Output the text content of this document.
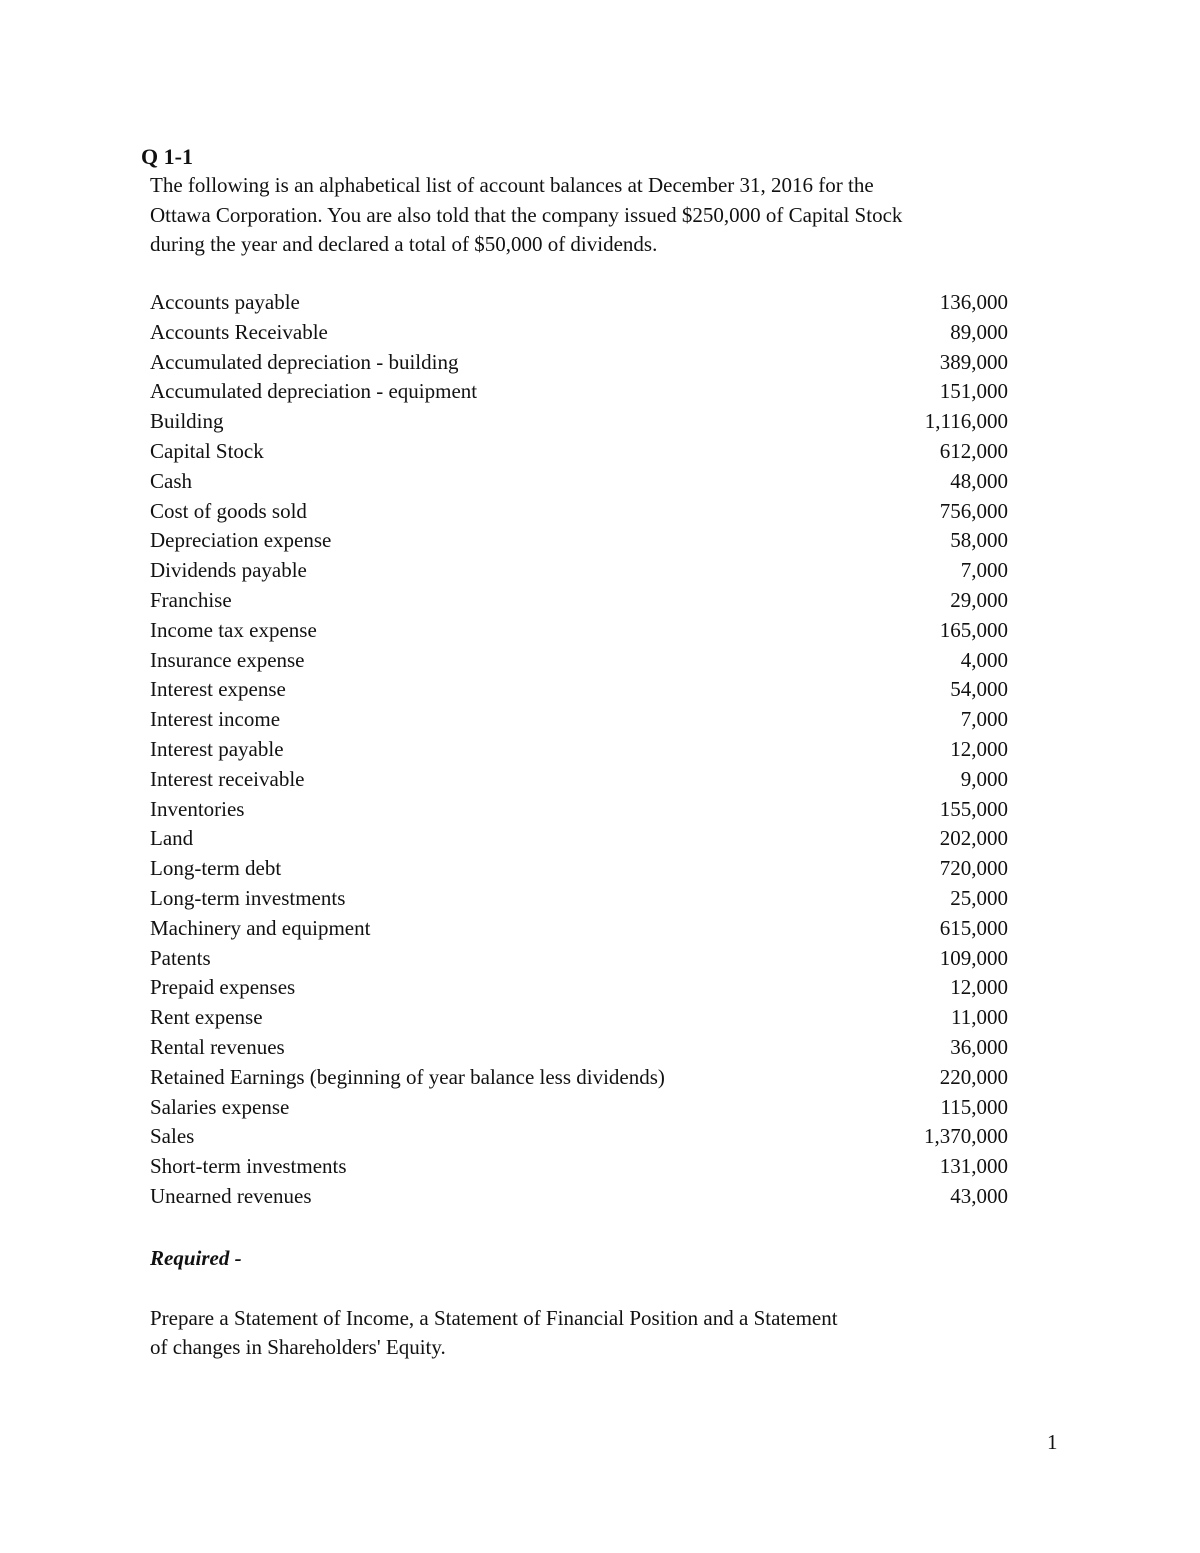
Q 1-1

The following is an alphabetical list of account balances at December 31, 2016 for the

Ottawa Corporation. You are also told that the company issued $250,000 of Capital Stock

during the year and declared a total of $50,000 of dividends.

Accounts payable	136,000
Accounts Receivable	89,000
Accumulated depreciation - building	389,000
Accumulated depreciation - equipment	151,000
Building	1,116,000
Capital Stock	612,000
Cash	48,000
Cost of goods sold	756,000
Depreciation expense	58,000
Dividends payable	7,000
Franchise	29,000
Income tax expense	165,000
Insurance expense	4,000
Interest expense	54,000
Interest income	7,000
Interest payable	12,000
Interest receivable	9,000
Inventories	155,000
Land	202,000
Long-term debt	720,000
Long-term investments	25,000
Machinery and equipment	615,000
Patents	109,000
Prepaid expenses	12,000
Rent expense	11,000
Rental revenues	36,000
Retained Earnings (beginning of year balance less dividends)	220,000
Salaries expense	115,000
Sales	1,370,000
Short-term investments	131,000
Unearned revenues	43,000
Required -

Prepare a Statement of Income, a Statement of Financial Position and a Statement

of changes in Shareholders' Equity.

1
